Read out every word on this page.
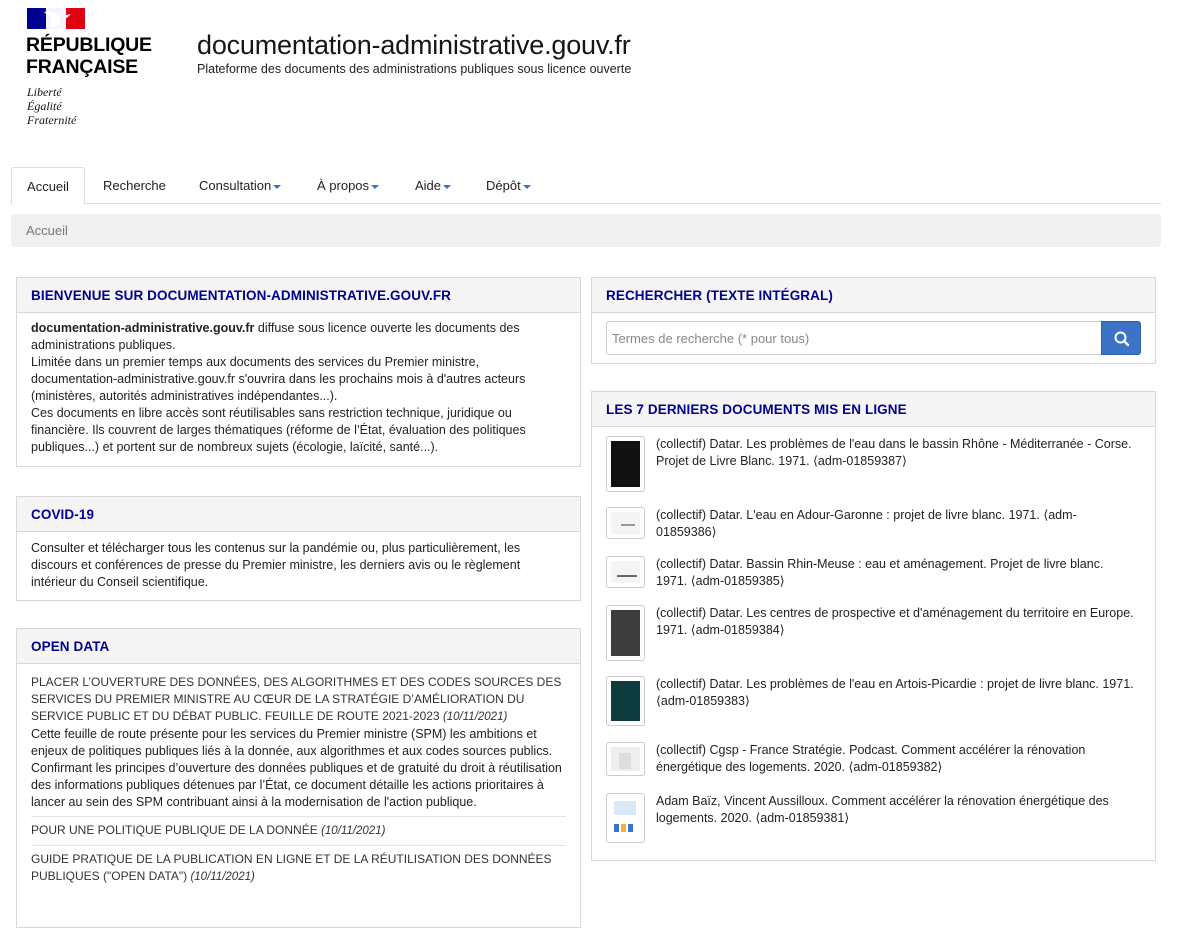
RÉPUBLIQUE
FRANÇAISE
Liberté
Égalité
Fraternité
documentation-administrative.gouv.fr
Plateforme des documents des administrations publiques sous licence ouverte
Accueil	Recherche	Consultation	À propos	Aide	Dépôt
Accueil
BIENVENUE SUR DOCUMENTATION-ADMINISTRATIVE.GOUV.FR

documentation-administrative.gouv.fr diffuse sous licence ouverte les documents des administrations publiques.

Limitée dans un premier temps aux documents des services du Premier ministre, documentation-administrative.gouv.fr s'ouvrira dans les prochains mois à d'autres acteurs (ministères, autorités administratives indépendantes...).

Ces documents en libre accès sont réutilisables sans restriction technique, juridique ou financière. Ils couvrent de larges thématiques (réforme de l’État, évaluation des politiques publiques...) et portent sur de nombreux sujets (écologie, laïcité, santé...).

COVID-19

Consulter et télécharger tous les contenus sur la pandémie ou, plus particulièrement, les discours et conférences de presse du Premier ministre, les derniers avis ou le règlement intérieur du Conseil scientifique.

OPEN DATA

PLACER L’OUVERTURE DES DONNÉES, DES ALGORITHMES ET DES CODES SOURCES DES SERVICES DU PREMIER MINISTRE AU CŒUR DE LA STRATÉGIE D’AMÉLIORATION DU SERVICE PUBLIC ET DU DÉBAT PUBLIC. FEUILLE DE ROUTE 2021-2023 (10/11/2021)

Cette feuille de route présente pour les services du Premier ministre (SPM) les ambitions et enjeux de politiques publiques liés à la donnée, aux algorithmes et aux codes sources publics.

Confirmant les principes d’ouverture des données publiques et de gratuité du droit à réutilisation des informations publiques détenues par l’État, ce document détaille les actions prioritaires à lancer au sein des SPM contribuant ainsi à la modernisation de l'action publique.

POUR UNE POLITIQUE PUBLIQUE DE LA DONNÉE (10/11/2021)

GUIDE PRATIQUE DE LA PUBLICATION EN LIGNE ET DE LA RÉUTILISATION DES DONNÉES PUBLIQUES ("OPEN DATA") (10/11/2021)

RECHERCHER (TEXTE INTÉGRAL)
Termes de recherche (* pour tous)
LES 7 DERNIERS DOCUMENTS MIS EN LIGNE
(collectif) Datar. Les problèmes de l'eau dans le bassin Rhône - Méditerranée - Corse. Projet de Livre Blanc. 1971. ⟨adm-01859387⟩
(collectif) Datar. L'eau en Adour-Garonne : projet de livre blanc. 1971. ⟨adm-01859386⟩
(collectif) Datar. Bassin Rhin-Meuse : eau et aménagement. Projet de livre blanc. 1971. ⟨adm-01859385⟩
(collectif) Datar. Les centres de prospective et d'aménagement du territoire en Europe. 1971. ⟨adm-01859384⟩
(collectif) Datar. Les problèmes de l'eau en Artois-Picardie : projet de livre blanc. 1971. ⟨adm-01859383⟩
(collectif) Cgsp - France Stratégie. Podcast. Comment accélérer la rénovation énergétique des logements. 2020. ⟨adm-01859382⟩
Adam Baïz, Vincent Aussilloux. Comment accélérer la rénovation énergétique des logements. 2020. ⟨adm-01859381⟩
